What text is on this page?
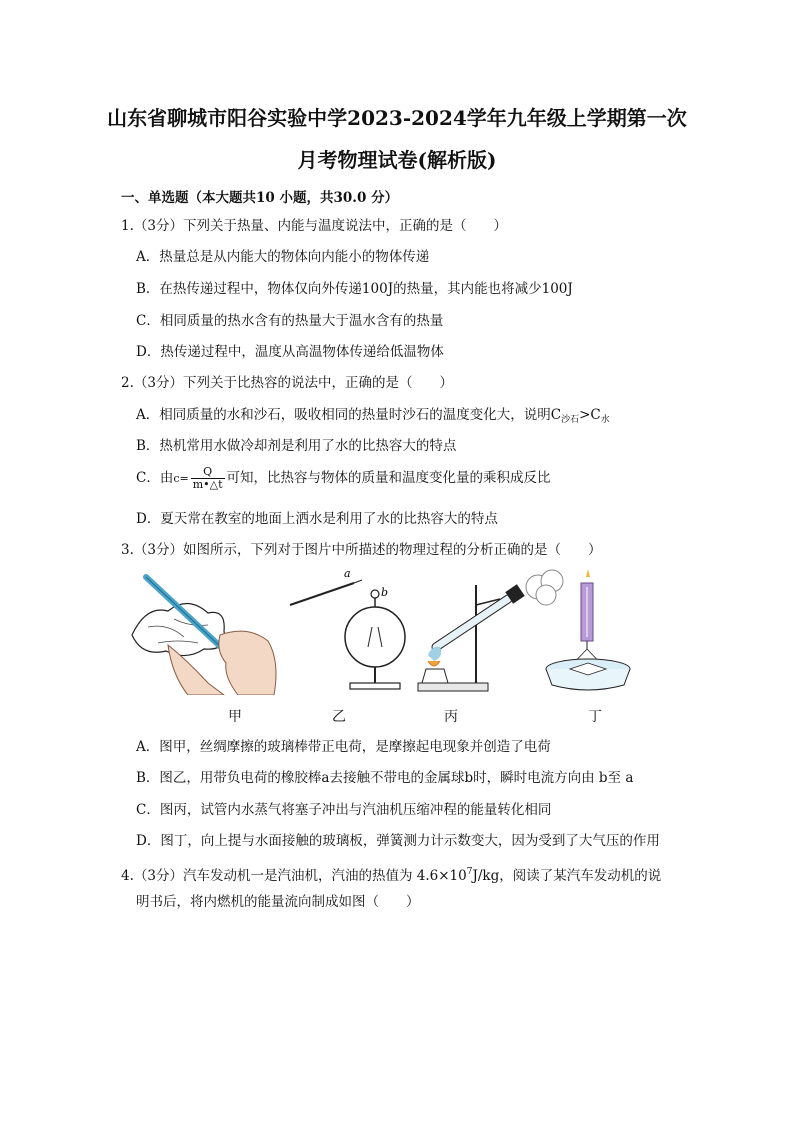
山东省聊城市阳谷实验中学2023-2024学年九年级上学期第一次
月考物理试卷(解析版)
一、单选题（本大题共10 小题，共30.0 分）
1.（3分）下列关于热量、内能与温度说法中，正确的是（　　）
A．热量总是从内能大的物体向内能小的物体传递
B．在热传递过程中，物体仅向外传递100J的热量，其内能也将减少100J
C．相同质量的热水含有的热量大于温水含有的热量
D．热传递过程中，温度从高温物体传递给低温物体
2.（3分）下列关于比热容的说法中，正确的是（　　）
A．相同质量的水和沙石，吸收相同的热量时沙石的温度变化大，说明$C_{沙石}>C_水$
B．热机常用水做冷却剂是利用了水的比热容大的特点
C．由$c= \frac{Q}{m•\triangle t}$ 可知，比热容与物体的质量和温度变化量的乘积成反比
D．夏天常在教室的地面上洒水是利用了水的比热容大的特点
3.（3分）如图所示，下列对于图片中所描述的物理过程的分析正确的是（　　）
a
b
甲	乙	丙	丁
A．图甲，丝绸摩擦的玻璃棒带正电荷，是摩擦起电现象并创造了电荷
B．图乙，用带负电荷的橡胶棒a去接触不带电的金属球b时，瞬时电流方向由 b至 a
C．图丙，试管内水蒸气将塞子冲出与汽油机压缩冲程的能量转化相同
D．图丁，向上提与水面接触的玻璃板，弹簧测力计示数变大，因为受到了大气压的作用
4.（3分）汽车发动机一是汽油机，汽油的热值为 $4.6\times 10^7J/kg$，阅读了某汽车发动机的说
明书后，将内燃机的能量流向制成如图（　　）
